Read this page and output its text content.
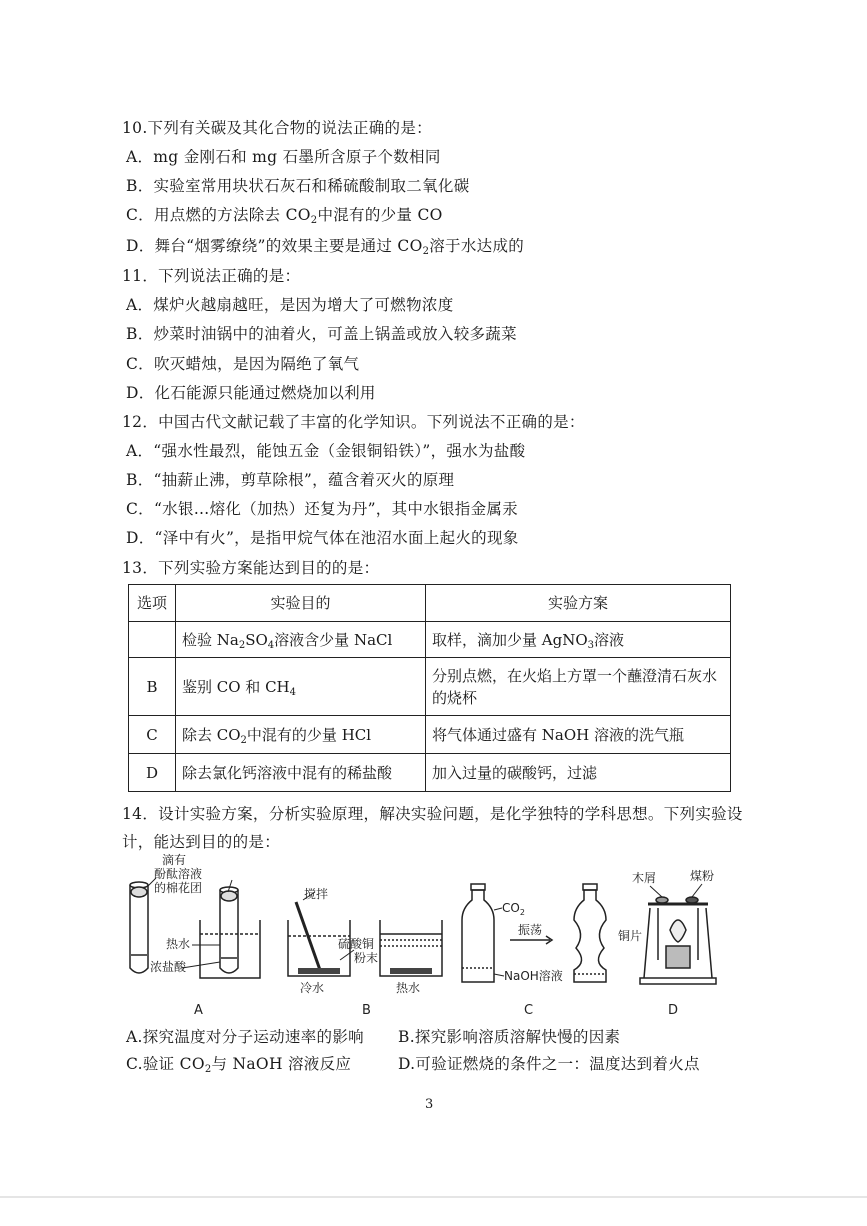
10.下列有关碳及其化合物的说法正确的是：
A．mg 金刚石和 mg 石墨所含原子个数相同
B．实验室常用块状石灰石和稀硫酸制取二氧化碳
C．用点燃的方法除去 $CO_2$中混有的少量 CO
D．舞台“烟雾缭绕”的效果主要是通过 $CO_2$溶于水达成的
11．下列说法正确的是：
A．煤炉火越扇越旺，是因为增大了可燃物浓度
B．炒菜时油锅中的油着火，可盖上锅盖或放入较多蔬菜
C．吹灭蜡烛，是因为隔绝了氧气
D．化石能源只能通过燃烧加以利用
12．中国古代文献记载了丰富的化学知识。下列说法不正确的是：
A．“强水性最烈，能蚀五金（金银铜铅铁）”，强水为盐酸
B．“抽薪止沸，剪草除根”，蕴含着灭火的原理
C．“水银…熔化（加热）还复为丹”，其中水银指金属汞
D．“泽中有火”，是指甲烷气体在池沼水面上起火的现象
13．下列实验方案能达到目的的是：
选项	实验目的	实验方案
	检验 $Na_2SO_4$溶液含少量 NaCl	取样，滴加少量 AgNO$_3$溶液
B	鉴别 CO 和 $CH_4$	分别点燃，在火焰上方罩一个蘸澄清石灰水的烧杯
C	除去 $CO_2$中混有的少量 HCl	将气体通过盛有 NaOH 溶液的洗气瓶
D	除去氯化钙溶液中混有的稀盐酸	加入过量的碳酸钙，过滤
14．设计实验方案，分析实验原理，解决实验问题，是化学独特的学科思想。下列实验设
计，能达到目的的是：
滴有
酚酞溶液
的棉花团
热水
浓盐酸
搅拌
硫酸铜
粉末
冷水	热水
$CO_2$
振荡
NaOH溶液
木屑	煤粉
铜片
A	B	C	D
A.探究温度对分子运动速率的影响 B.探究影响溶质溶解快慢的因素
C.验证 $CO_2$与 NaOH 溶液反应	D.可验证燃烧的条件之一：温度达到着火点
3
